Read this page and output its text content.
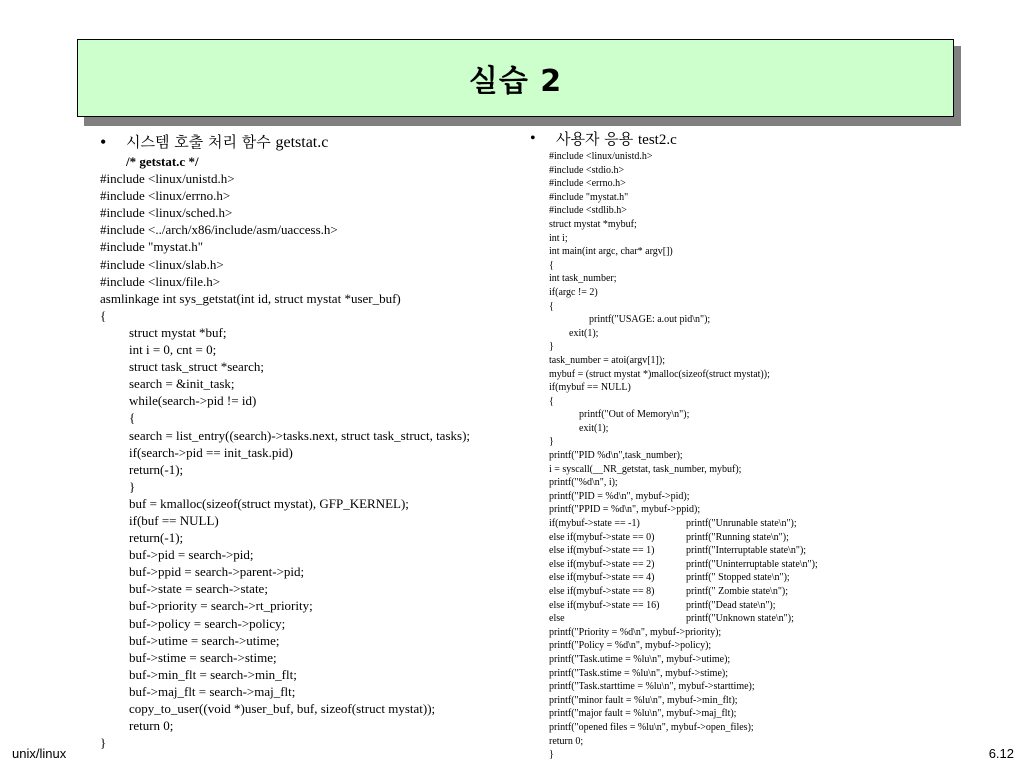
실습 2
• 시스템 호출 처리 함수 getstat.c
/* getstat.c */
#include <linux/unistd.h>
#include <linux/errno.h>
#include <linux/sched.h>
#include <../arch/x86/include/asm/uaccess.h>
#include "mystat.h"
#include <linux/slab.h>
#include <linux/file.h>
asmlinkage int sys_getstat(int id, struct mystat *user_buf)
{
struct mystat *buf;
int i = 0, cnt = 0;
struct task_struct *search;
search = &init_task;
while(search->pid != id)
{
search = list_entry((search)->tasks.next, struct task_struct, tasks);
if(search->pid == init_task.pid)
return(-1);
}
buf = kmalloc(sizeof(struct mystat), GFP_KERNEL);
if(buf == NULL)
return(-1);
buf->pid = search->pid;
buf->ppid = search->parent->pid;
buf->state = search->state;
buf->priority = search->rt_priority;
buf->policy = search->policy;
buf->utime = search->utime;
buf->stime = search->stime;
buf->min_flt = search->min_flt;
buf->maj_flt = search->maj_flt;
copy_to_user((void *)user_buf, buf, sizeof(struct mystat));
return 0;
}
• 사용자 응용 test2.c
#include <linux/unistd.h>
#include <stdio.h>
#include <errno.h>
#include "mystat.h"
#include <stdlib.h>
struct mystat *mybuf;
int i;
int main(int argc, char* argv[])
{
int task_number;
if(argc != 2)
{
printf("USAGE: a.out pid\n");
exit(1);
}
task_number = atoi(argv[1]);
mybuf = (struct mystat *)malloc(sizeof(struct mystat));
if(mybuf == NULL)
{
printf("Out of Memory\n");
exit(1);
}
printf("PID %d\n",task_number);
i = syscall(__NR_getstat, task_number, mybuf);
printf("%d\n", i);
printf("PID = %d\n", mybuf->pid);
printf("PPID = %d\n", mybuf->ppid);
if(mybuf->state == -1)	printf("Unrunable state\n");
else if(mybuf->state == 0)	printf("Running state\n");
else if(mybuf->state == 1)	printf("Interruptable state\n");
else if(mybuf->state == 2)	printf("Uninterruptable state\n");
else if(mybuf->state == 4)	printf(" Stopped state\n");
else if(mybuf->state == 8)	printf(" Zombie state\n");
else if(mybuf->state == 16)	printf("Dead state\n");
else	printf("Unknown state\n");
printf("Priority = %d\n", mybuf->priority);
printf("Policy = %d\n", mybuf->policy);
printf("Task.utime = %lu\n", mybuf->utime);
printf("Task.stime = %lu\n", mybuf->stime);
printf("Task.starttime = %lu\n", mybuf->starttime);
printf("minor fault = %lu\n", mybuf->min_flt);
printf("major fault = %lu\n", mybuf->maj_flt);
printf("opened files = %lu\n", mybuf->open_files);
return 0;
}
unix/linux	6.12
